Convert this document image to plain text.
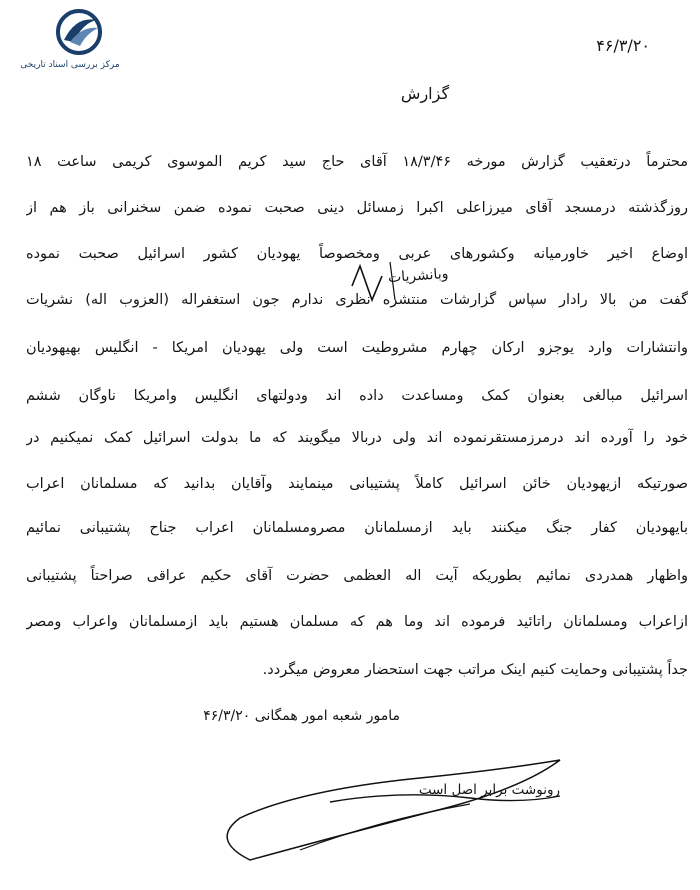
مرکز بررسی اسناد تاریخی
۴۶/۳/۲۰
گزارش
محترماً درتعقیب گزارش مورخه ۱۸/۳/۴۶ آقای حاج سید کریم الموسوی کریمی ساعت ۱۸
روزگذشته درمسجد آقای میرزاعلی اکبرا زمسائل دینی صحبت نموده ضمن سخنرانی باز هم از
اوضاع اخیر خاورمیانه وکشورهای عربی ومخصوصاً یهودیان کشور اسرائیل صحبت نموده
گفت من بالا رادار سپاس گزارشات منتشره نظری ندارم جون استغفراله (العزوب اله) نشریات
وانتشارات وارد یوجزو ارکان چهارم مشروطیت است ولی یهودیان امریکا - انگلیس بهیهودیان
اسرائیل مبالغی بعنوان کمک ومساعدت داده اند ودولتهای انگلیس وامریکا ناوگان ششم
خود را آورده اند درمرزمستقرنموده اند ولی دربالا میگویند که ما بدولت اسرائیل کمک نمیکنیم در
صورتیکه ازیهودیان خائن اسرائیل کاملاً پشتیبانی مینمایند وآقایان بدانید که مسلمانان اعراب
بایهودیان کفار جنگ میکنند باید ازمسلمانان مصرومسلمانان اعراب جناح پشتیبانی نمائیم
واظهار همدردی نمائیم بطوریکه آیت اله العظمی حضرت آقای حکیم عراقی صراحتاً پشتیبانی
ازاعراب ومسلمانان راتائید فرموده اند وما هم که مسلمان هستیم باید ازمسلمانان واعراب ومصر
جداً پشتیبانی وحمایت کنیم اینک مراتب جهت استحضار معروض میگردد.
وبانشریات
مامور شعبه امور همگانی ۴۶/۳/۲۰
رونوشت برابر اصل است
